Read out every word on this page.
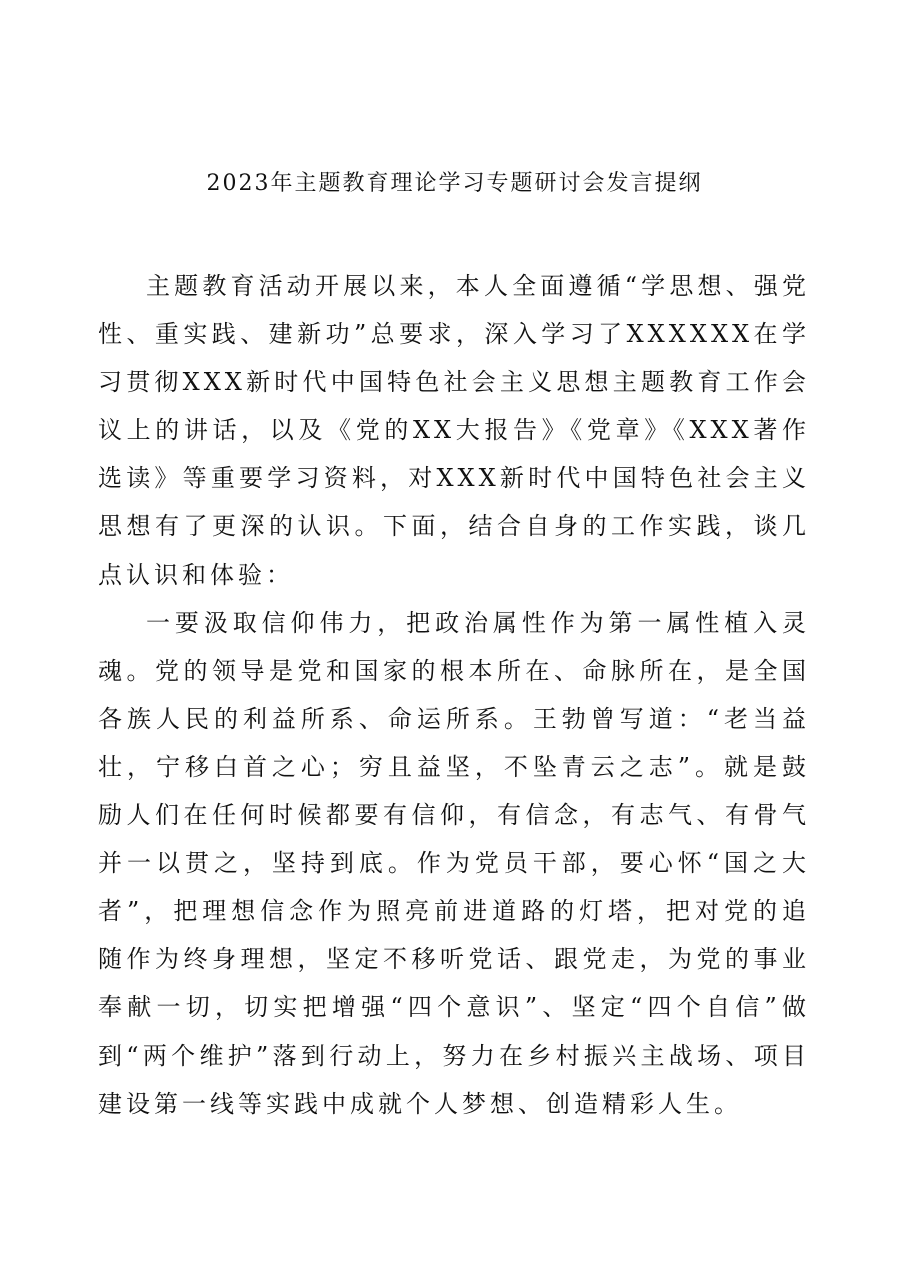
2023年主题教育理论学习专题研讨会发言提纲

主题教育活动开展以来，本人全面遵循“学思想、强党性、重实践、建新功”总要求，深入学习了XXXXXX在学习贯彻XXX新时代中国特色社会主义思想主题教育工作会议上的讲话，以及《党的XX大报告》《党章》《XXX著作选读》等重要学习资料，对XXX新时代中国特色社会主义思想有了更深的认识。下面，结合自身的工作实践，谈几点认识和体验：

一要汲取信仰伟力，把政治属性作为第一属性植入灵魂。党的领导是党和国家的根本所在、命脉所在，是全国各族人民的利益所系、命运所系。王勃曾写道：“老当益壮，宁移白首之心；穷且益坚，不坠青云之志”。就是鼓励人们在任何时候都要有信仰，有信念，有志气、有骨气并一以贯之，坚持到底。作为党员干部，要心怀“国之大者”，把理想信念作为照亮前进道路的灯塔，把对党的追随作为终身理想，坚定不移听党话、跟党走，为党的事业奉献一切，切实把增强“四个意识”、坚定“四个自信”做到“两个维护”落到行动上，努力在乡村振兴主战场、项目建设第一线等实践中成就个人梦想、创造精彩人生。
